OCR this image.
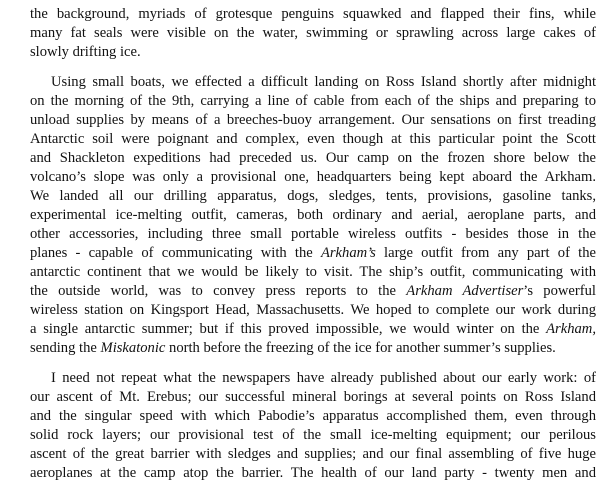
the background, myriads of grotesque penguins squawked and flapped their fins, while
many fat seals were visible on the water, swimming or sprawling across large cakes of
slowly drifting ice.
Using small boats, we effected a difficult landing on Ross Island shortly after midnight
on the morning of the 9th, carrying a line of cable from each of the ships and preparing to
unload supplies by means of a breeches-buoy arrangement. Our sensations on first treading
Antarctic soil were poignant and complex, even though at this particular point the Scott
and Shackleton expeditions had preceded us. Our camp on the frozen shore below the
volcano’s slope was only a provisional one, headquarters being kept aboard the Arkham.
We landed all our drilling apparatus, dogs, sledges, tents, provisions, gasoline tanks,
experimental ice-melting outfit, cameras, both ordinary and aerial, aeroplane parts, and
other accessories, including three small portable wireless outfits - besides those in the
planes - capable of communicating with the Arkham’s large outfit from any part of the
antarctic continent that we would be likely to visit. The ship’s outfit, communicating with
the outside world, was to convey press reports to the Arkham Advertiser’s powerful
wireless station on Kingsport Head, Massachusetts. We hoped to complete our work during
a single antarctic summer; but if this proved impossible, we would winter on the Arkham,
sending the Miskatonic north before the freezing of the ice for another summer’s supplies.
I need not repeat what the newspapers have already published about our early work: of
our ascent of Mt. Erebus; our successful mineral borings at several points on Ross Island
and the singular speed with which Pabodie’s apparatus accomplished them, even through
solid rock layers; our provisional test of the small ice-melting equipment; our perilous
ascent of the great barrier with sledges and supplies; and our final assembling of five huge
aeroplanes at the camp atop the barrier. The health of our land party - twenty men and
